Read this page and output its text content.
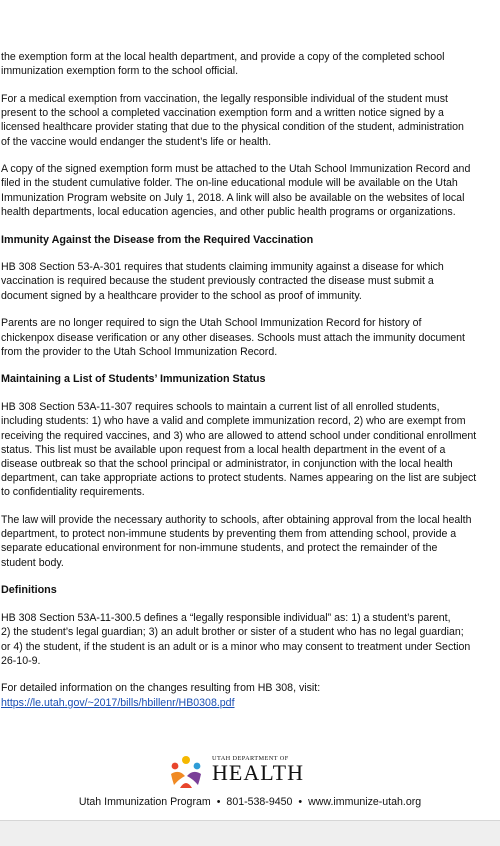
the exemption form at the local health department, and provide a copy of the completed school
immunization exemption form to the school official.

For a medical exemption from vaccination, the legally responsible individual of the student must
present to the school a completed vaccination exemption form and a written notice signed by a
licensed healthcare provider stating that due to the physical condition of the student, administration
of the vaccine would endanger the student’s life or health.

A copy of the signed exemption form must be attached to the Utah School Immunization Record and
filed in the student cumulative folder. The on-line educational module will be available on the Utah
Immunization Program website on July 1, 2018. A link will also be available on the websites of local
health departments, local education agencies, and other public health programs or organizations.

Immunity Against the Disease from the Required Vaccination

HB 308 Section 53-A-301 requires that students claiming immunity against a disease for which
vaccination is required because the student previously contracted the disease must submit a
document signed by a healthcare provider to the school as proof of immunity.

Parents are no longer required to sign the Utah School Immunization Record for history of
chickenpox disease verification or any other diseases. Schools must attach the immunity document
from the provider to the Utah School Immunization Record.

Maintaining a List of Students’ Immunization Status

HB 308 Section 53A-11-307 requires schools to maintain a current list of all enrolled students,
including students: 1) who have a valid and complete immunization record, 2) who are exempt from
receiving the required vaccines, and 3) who are allowed to attend school under conditional enrollment
status. This list must be available upon request from a local health department in the event of a
disease outbreak so that the school principal or administrator, in conjunction with the local health
department, can take appropriate actions to protect students. Names appearing on the list are subject
to confidentiality requirements.

The law will provide the necessary authority to schools, after obtaining approval from the local health
department, to protect non-immune students by preventing them from attending school, provide a
separate educational environment for non-immune students, and protect the remainder of the
student body.

Definitions

HB 308 Section 53A-11-300.5 defines a “legally responsible individual” as: 1) a student’s parent,
2) the student’s legal guardian; 3) an adult brother or sister of a student who has no legal guardian;
or 4) the student, if the student is an adult or is a minor who may consent to treatment under Section
26-10-9.

For detailed information on the changes resulting from HB 308, visit:
https://le.utah.gov/~2017/bills/hbillenr/HB0308.pdf

UTAH DEPARTMENT OF
HEALTH
Utah Immunization Program • 801-538-9450 • www.immunize-utah.org
